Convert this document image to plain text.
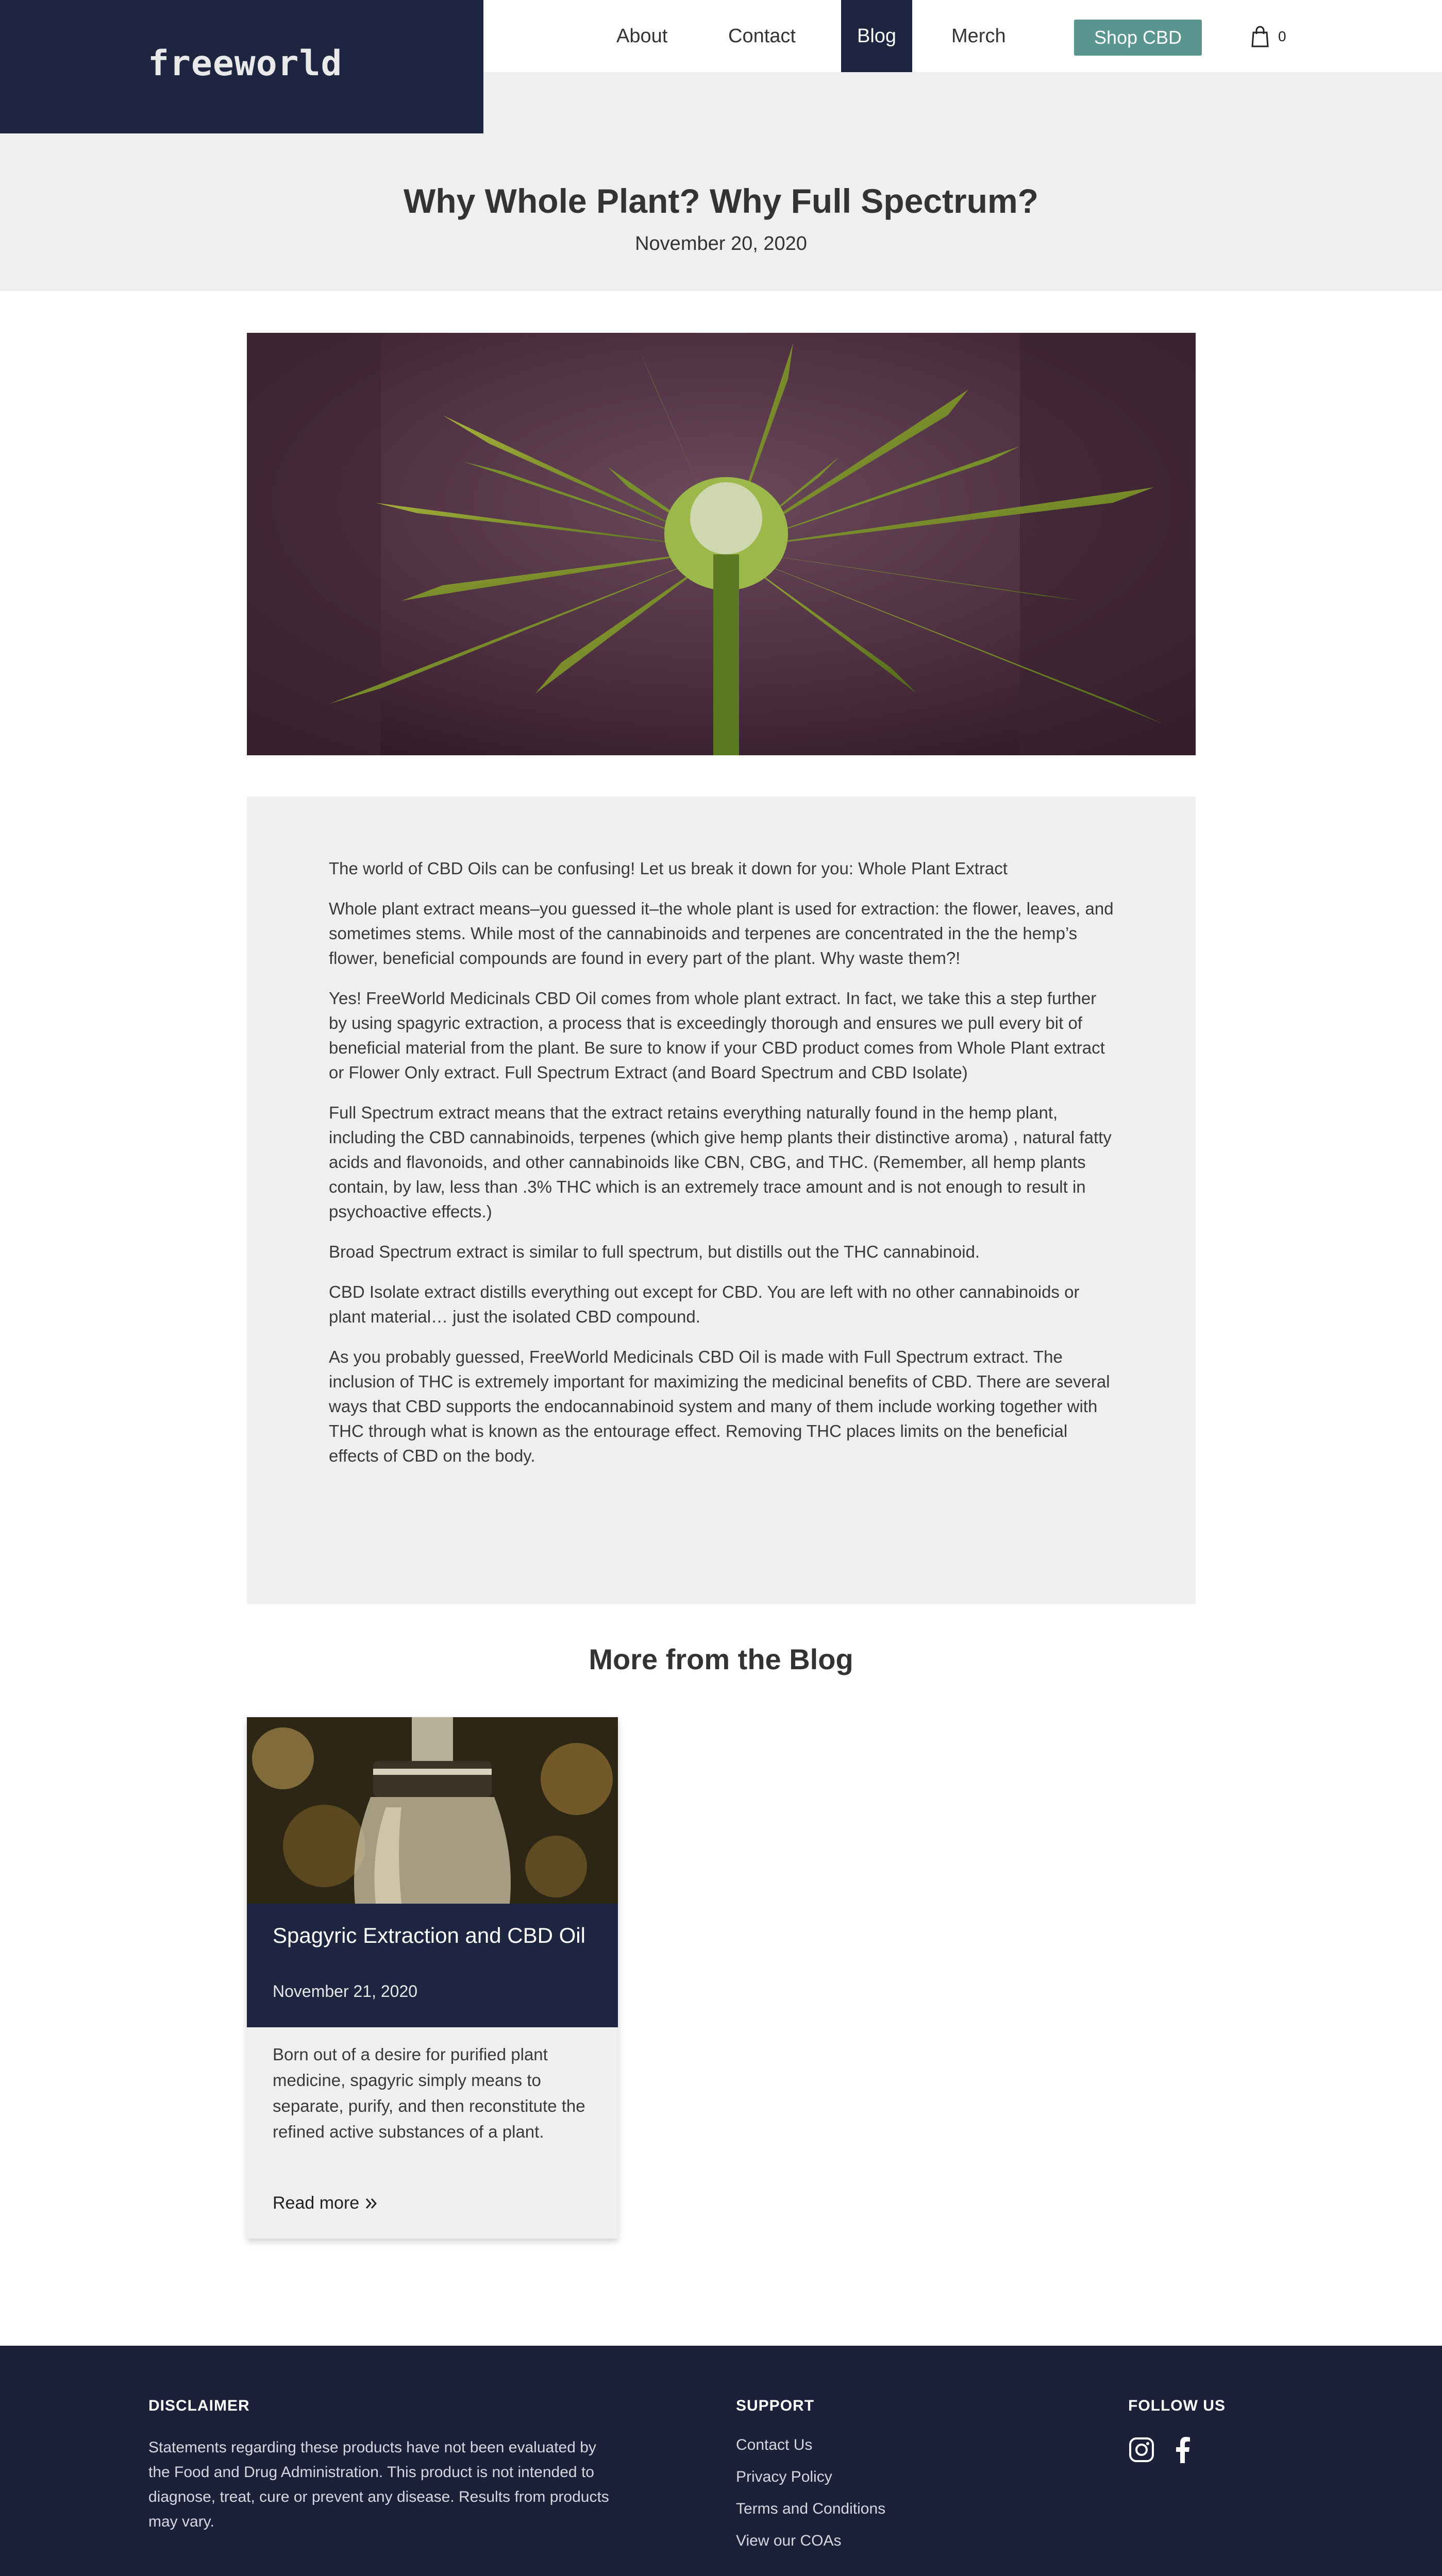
About	Contact	Blog	Merch	Shop CBD	0
freeworld
Why Whole Plant? Why Full Spectrum?
November 20, 2020

The world of CBD Oils can be confusing! Let us break it down for you: Whole Plant Extract

Whole plant extract means–you guessed it–the whole plant is used for extraction: the flower, leaves, and sometimes stems. While most of the cannabinoids and terpenes are concentrated in the the hemp’s flower, beneficial compounds are found in every part of the plant. Why waste them?!

Yes! FreeWorld Medicinals CBD Oil comes from whole plant extract. In fact, we take this a step further by using spagyric extraction, a process that is exceedingly thorough and ensures we pull every bit of beneficial material from the plant. Be sure to know if your CBD product comes from Whole Plant extract or Flower Only extract. Full Spectrum Extract (and Board Spectrum and CBD Isolate)

Full Spectrum extract means that the extract retains everything naturally found in the hemp plant, including the CBD cannabinoids, terpenes (which give hemp plants their distinctive aroma) , natural fatty acids and flavonoids, and other cannabinoids like CBN, CBG, and THC. (Remember, all hemp plants contain, by law, less than .3% THC which is an extremely trace amount and is not enough to result in psychoactive effects.)

Broad Spectrum extract is similar to full spectrum, but distills out the THC cannabinoid.

CBD Isolate extract distills everything out except for CBD. You are left with no other cannabinoids or plant material… just the isolated CBD compound.

As you probably guessed, FreeWorld Medicinals CBD Oil is made with Full Spectrum extract. The inclusion of THC is extremely important for maximizing the medicinal benefits of CBD. There are several ways that CBD supports the endocannabinoid system and many of them include working together with THC through what is known as the entourage effect. Removing THC places limits on the beneficial effects of CBD on the body.

More from the Blog
Spagyric Extraction and CBD Oil
November 21, 2020
Born out of a desire for purified plant medicine, spagyric simply means to separate, purify, and then reconstitute the refined active substances of a plant.
Read more
DISCLAIMER
Statements regarding these products have not been evaluated by the Food and Drug Administration. This product is not intended to diagnose, treat, cure or prevent any disease. Results from products may vary.
SUPPORT
Contact Us
Privacy Policy
Terms and Conditions
View our COAs
FOLLOW US
